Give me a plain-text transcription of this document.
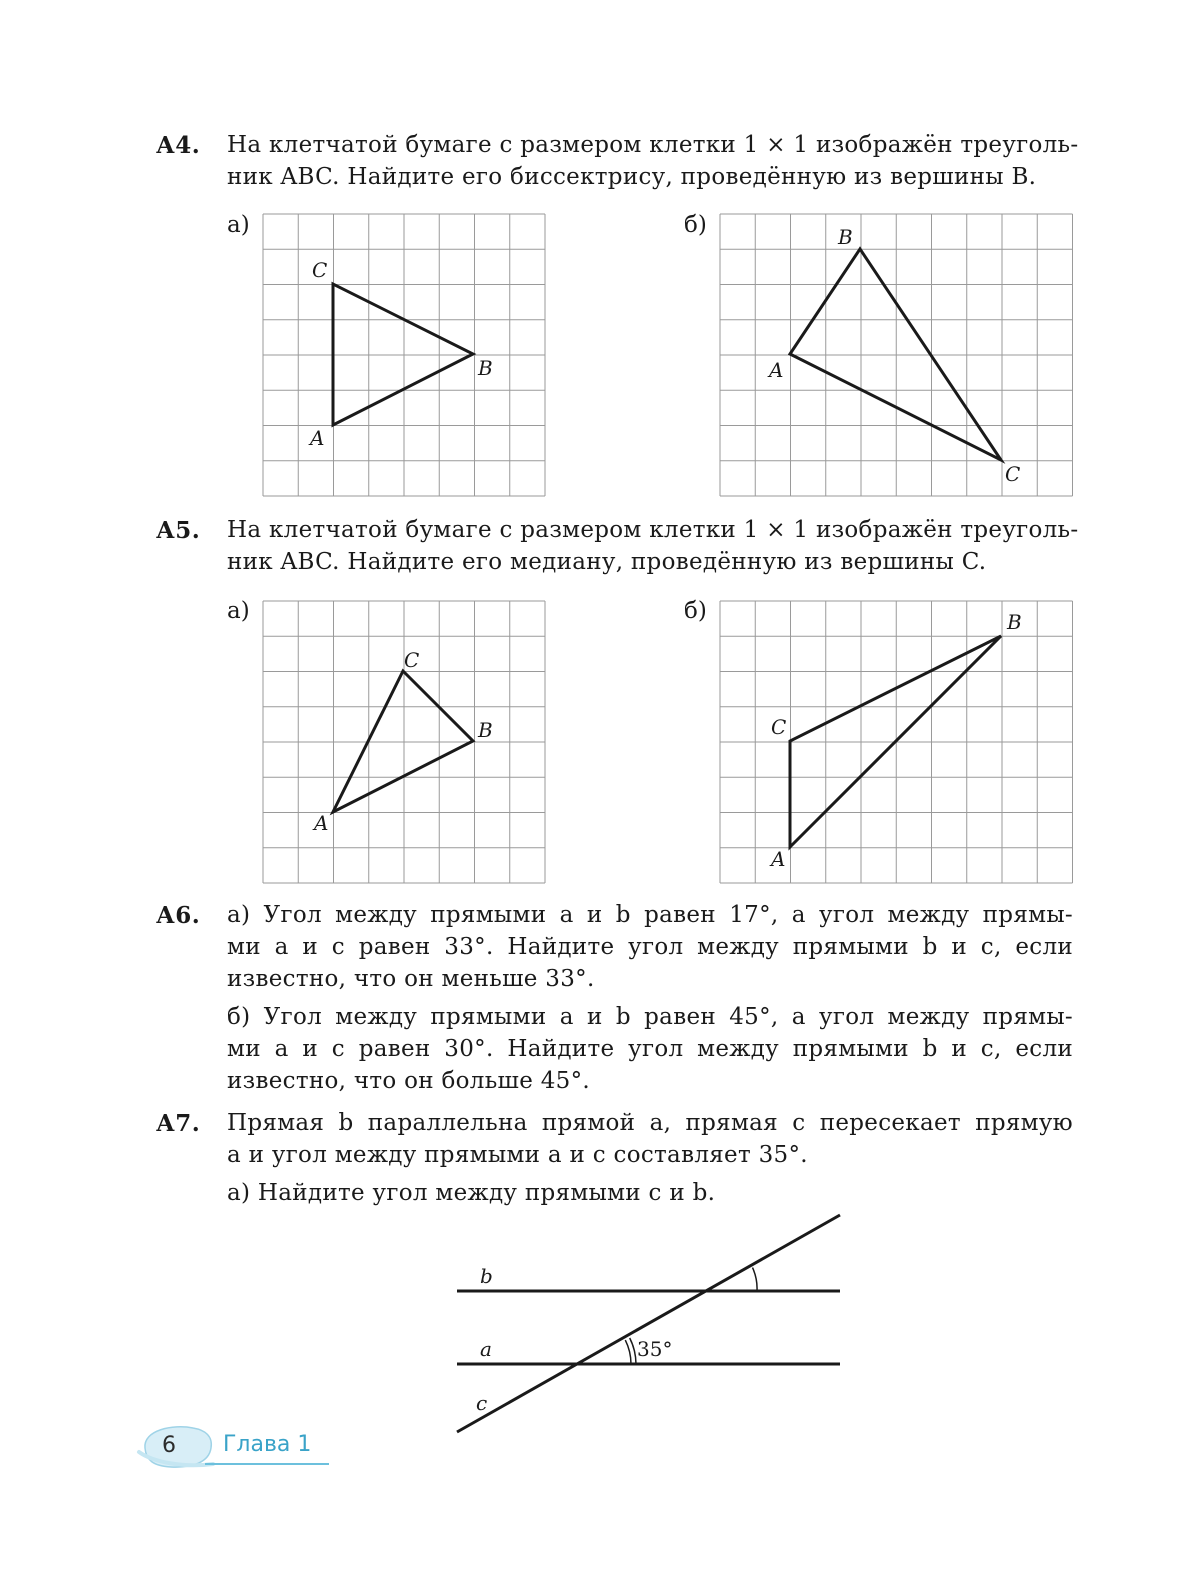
А4. На клетчатой бумаге с размером клетки 1 × 1 изображён треуголь-
ник ABC. Найдите его биссектрису, проведённую из вершины B.
а)	б)
C
B
A
B
A
C
А5. На клетчатой бумаге с размером клетки 1 × 1 изображён треуголь-
ник ABC. Найдите его медиану, проведённую из вершины C.
а)	б)
C
B
A
B
C
A
А6. а) Угол между прямыми a и b равен 17°, а угол между прямы-
ми a и c равен 33°. Найдите угол между прямыми b и c, если
известно, что он меньше 33°.
б) Угол между прямыми a и b равен 45°, а угол между прямы-
ми a и c равен 30°. Найдите угол между прямыми b и c, если
известно, что он больше 45°.
А7. Прямая b параллельна прямой a, прямая c пересекает прямую
a и угол между прямыми a и c составляет 35°.
а) Найдите угол между прямыми c и b.
b
a
c
35°
6 Глава 1
